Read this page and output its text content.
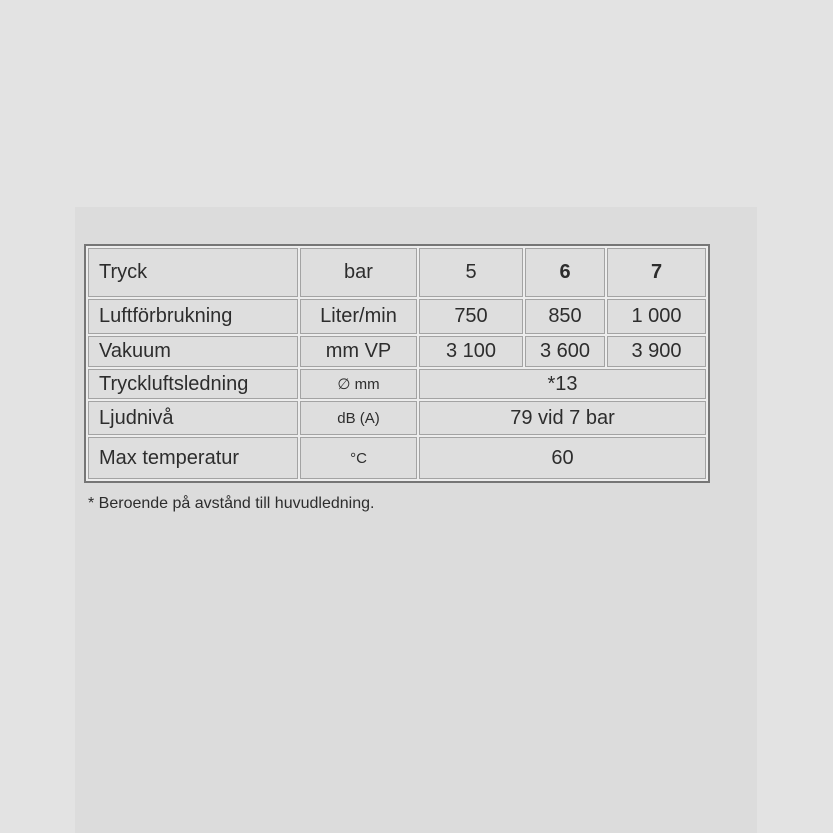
Tryck	bar	5	6	7
Luftförbrukning	Liter/min	750	850	1 000
Vakuum	mm VP	3 100	3 600	3 900
Tryckluftsledning	∅ mm	*13		
Ljudnivå	dB (A)	79 vid 7 bar		
Max temperatur	°C	60		
* Beroende på avstånd till huvudledning.
